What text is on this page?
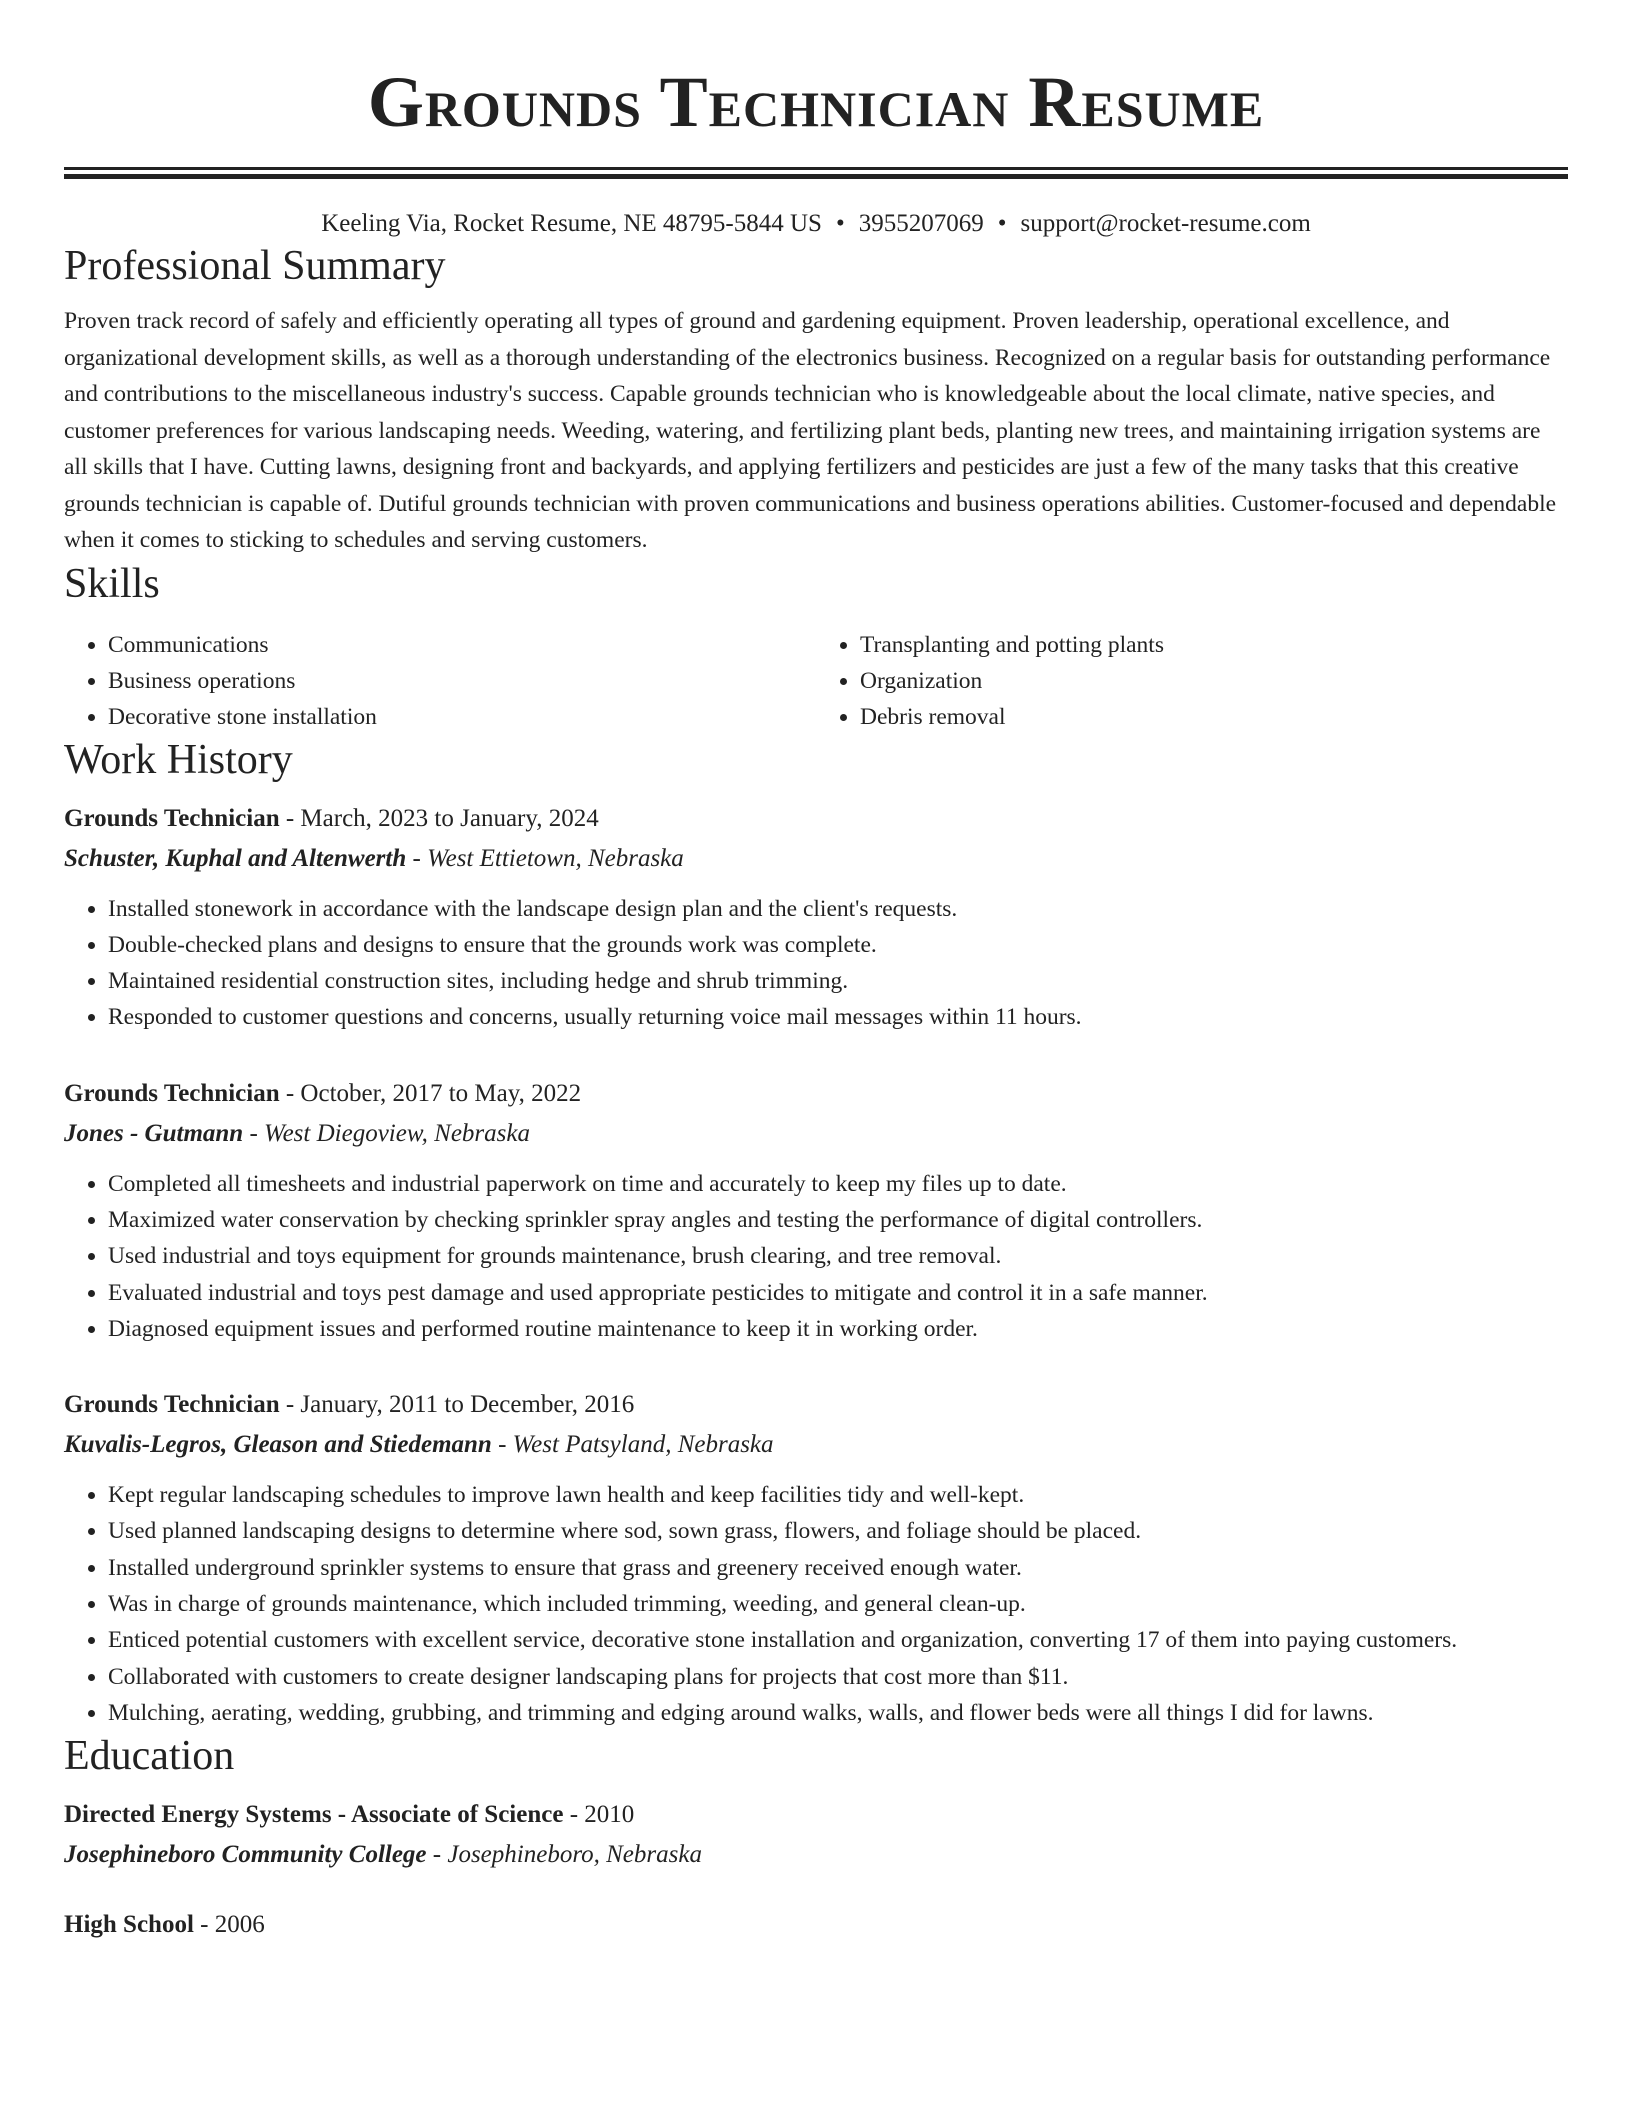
Grounds Technician Resume
Keeling Via, Rocket Resume, NE 48795-5844 US • 3955207069 • support@rocket-resume.com
Professional Summary

Proven track record of safely and efficiently operating all types of ground and gardening equipment. Proven leadership, operational excellence, and organizational development skills, as well as a thorough understanding of the electronics business. Recognized on a regular basis for outstanding performance and contributions to the miscellaneous industry's success. Capable grounds technician who is knowledgeable about the local climate, native species, and customer preferences for various landscaping needs. Weeding, watering, and fertilizing plant beds, planting new trees, and maintaining irrigation systems are all skills that I have. Cutting lawns, designing front and backyards, and applying fertilizers and pesticides are just a few of the many tasks that this creative grounds technician is capable of. Dutiful grounds technician with proven communications and business operations abilities. Customer-focused and dependable when it comes to sticking to schedules and serving customers.

Skills
• Communications
• Business operations
• Decorative stone installation
• Transplanting and potting plants
• Organization
• Debris removal
Work History
Grounds Technician - March, 2023 to January, 2024
Schuster, Kuphal and Altenwerth - West Ettietown, Nebraska
• Installed stonework in accordance with the landscape design plan and the client's requests.
• Double-checked plans and designs to ensure that the grounds work was complete.
• Maintained residential construction sites, including hedge and shrub trimming.
• Responded to customer questions and concerns, usually returning voice mail messages within 11 hours.
Grounds Technician - October, 2017 to May, 2022
Jones - Gutmann - West Diegoview, Nebraska
• Completed all timesheets and industrial paperwork on time and accurately to keep my files up to date.
• Maximized water conservation by checking sprinkler spray angles and testing the performance of digital controllers.
• Used industrial and toys equipment for grounds maintenance, brush clearing, and tree removal.
• Evaluated industrial and toys pest damage and used appropriate pesticides to mitigate and control it in a safe manner.
• Diagnosed equipment issues and performed routine maintenance to keep it in working order.
Grounds Technician - January, 2011 to December, 2016
Kuvalis-Legros, Gleason and Stiedemann - West Patsyland, Nebraska
• Kept regular landscaping schedules to improve lawn health and keep facilities tidy and well-kept.
• Used planned landscaping designs to determine where sod, sown grass, flowers, and foliage should be placed.
• Installed underground sprinkler systems to ensure that grass and greenery received enough water.
• Was in charge of grounds maintenance, which included trimming, weeding, and general clean-up.
• Enticed potential customers with excellent service, decorative stone installation and organization, converting 17 of them into paying customers.
• Collaborated with customers to create designer landscaping plans for projects that cost more than $11.
• Mulching, aerating, wedding, grubbing, and trimming and edging around walks, walls, and flower beds were all things I did for lawns.
Education
Directed Energy Systems - Associate of Science - 2010
Josephineboro Community College - Josephineboro, Nebraska
High School - 2006
